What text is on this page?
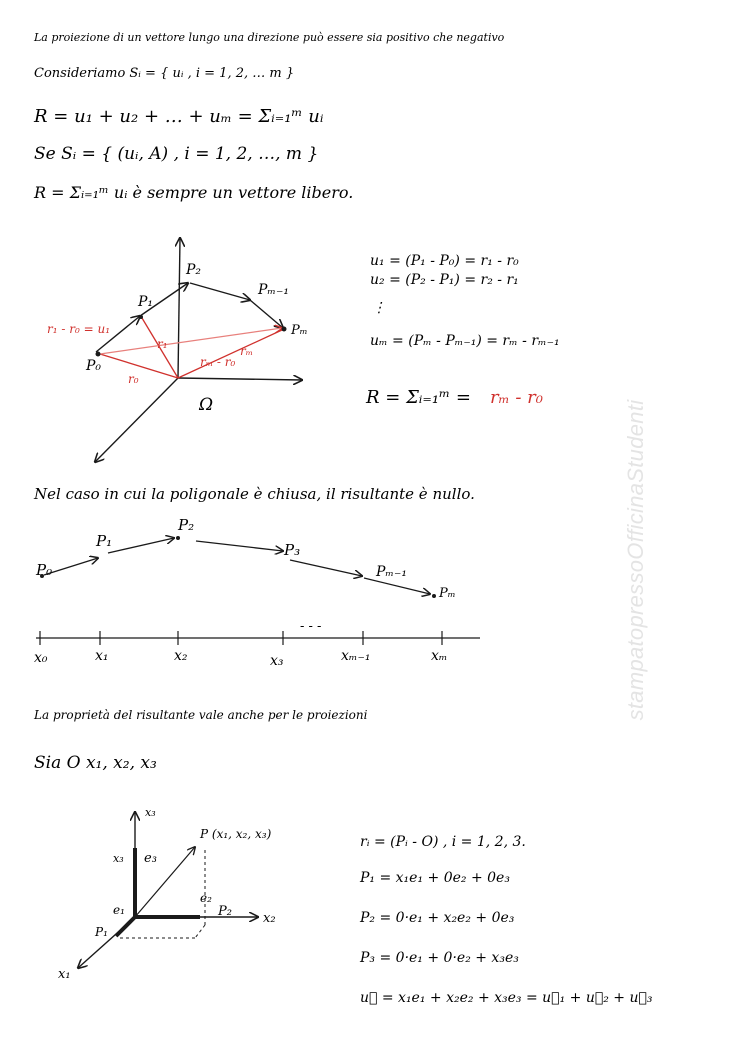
La proiezione di un vettore lungo una direzione può essere sia positivo che negativo
Consideriamo Sᵢ = { uᵢ , i = 1, 2, … m }
R = u₁ + u₂ + … + uₘ = Σᵢ₌₁ᵐ uᵢ
Se Sᵢ = { (uᵢ, A) , i = 1, 2, …, m }
R = Σᵢ₌₁ᵐ uᵢ è sempre un vettore libero.
P₂
Pₘ₋₁
P₁
Pₘ
P₀
Ω
r₁ - r₀ = u₁
r₁
rₘ - r₀
rₘ
r₀
u₁ = (P₁ - P₀) = r₁ - r₀
u₂ = (P₂ - P₁) = r₂ - r₁
⋮
uₘ = (Pₘ - Pₘ₋₁) = rₘ - rₘ₋₁
R = Σᵢ₌₁ᵐ = rₘ - r₀
Nel caso in cui la poligonale è chiusa, il risultante è nullo.
P₀
P₁
P₂
P₃
Pₘ₋₁
Pₘ
x₀	x₁	x₂	x₃	xₘ₋₁	xₘ
- - -
La proprietà del risultante vale anche per le proiezioni
Sia O x₁, x₂, x₃
x₃
x₁
x₂
P (x₁, x₂, x₃)
e₃
x₃
e₂
e₁	P₂
P₁
rᵢ = (Pᵢ - O) , i = 1, 2, 3.
P₁ = x₁e₁ + 0e₂ + 0e₃
P₂ = 0·e₁ + x₂e₂ + 0e₃
P₃ = 0·e₁ + 0·e₂ + x₃e₃
u⃗ = x₁e₁ + x₂e₂ + x₃e₃ = u⃗₁ + u⃗₂ + u⃗₃
stampatopressoOfficinaStudenti
